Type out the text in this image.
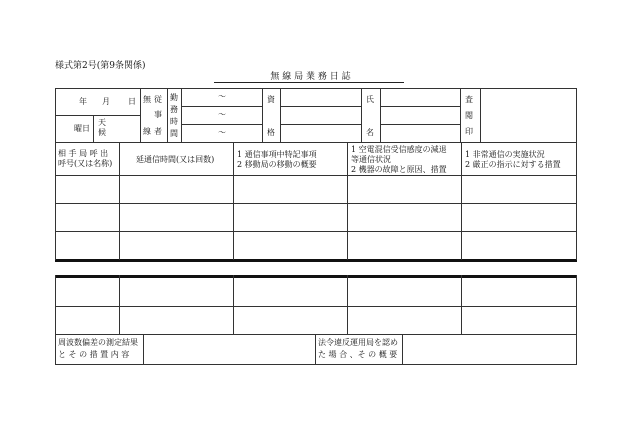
様式第2号(第9条関係)
無 線 局 業 務 日 誌
年 月 日
曜日
天
候
無 従
事
線 者
勤
務
時
間
〜
〜
〜
資
格
氏
名
査
閲
印
相 手 局 呼 出
呼号(又は名称)	延通信時間(又は回数)
1 通信事項中特記事項
2 移動局の移動の概要
1 空電混信受信感度の減退
等通信状況
2 機器の故障と原因、措置
1 非常通信の実施状況
2 厳正の指示に対する措置
周波数偏差の測定結果
と そ の 措 置 内 容
法令違反運用局を認め
た 場 合 、そ の 概 要
